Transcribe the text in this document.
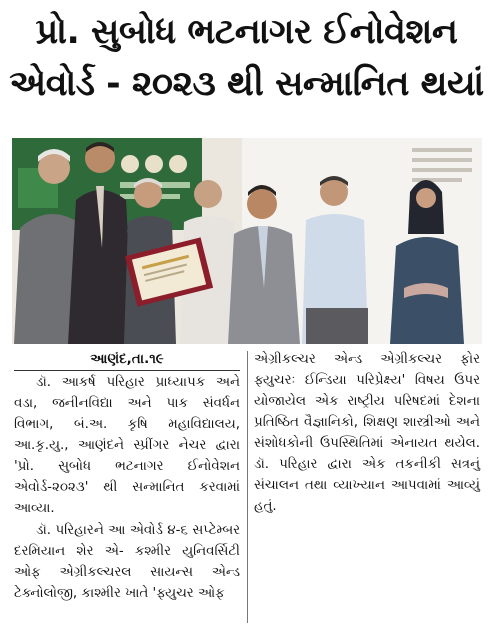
પ્રો. સુબોધ ભટનાગર ઈનોવેશન
એવોર્ડ - ૨૦૨૩ થી સન્માનિત થયાં
આણંદ,તા.૧૯

ડૉ. આકર્ષ પરિહાર પ્રાધ્યાપક અને વડા, જનીનવિદ્યા અને પાક સંવર્ધન વિભાગ, બં.અ. કૃષિ મહાવિદ્યાલય, આ.કૃ.યુ., આણંદને સ્પ્રીંગર નેચર દ્વારા 'પ્રો. સુબોધ ભટનાગર ઈનોવેશન એવોર્ડ-૨૦૨૩' થી સન્માનિત કરવામાં આવ્યા.

ડૉ. પરિહારને આ એવોર્ડ ૪-૬ સપ્ટેમ્બર દરમિયાન શેર એ- કશ્મીર યુનિવર્સિટી ઓફ એગ્રીકલ્ચરલ સાયન્સ એન્ડ ટેક્નોલોજી, કાશ્મીર ખાતે 'ફ્યુચર ઓફ

એગ્રીકલ્ચર એન્ડ એગ્રીકલ્ચર ફોર ફ્યુચરઃ ઈન્ડિયા પરિપ્રેક્ષ્ય' વિષય ઉપર યોજાયેલ એક રાષ્ટ્રીય પરિષદમાં દેશના પ્રતિષ્ઠિત વૈજ્ઞાનિકો, શિક્ષણ શાસ્ત્રીઓ અને સંશોધકોની ઉપસ્થિતિમાં એનાયત થયેલ. ડૉ. પરિહાર દ્વારા એક તકનીકી સત્રનું સંચાલન તથા વ્યાખ્યાન આપવામાં આવ્યું હતું.
